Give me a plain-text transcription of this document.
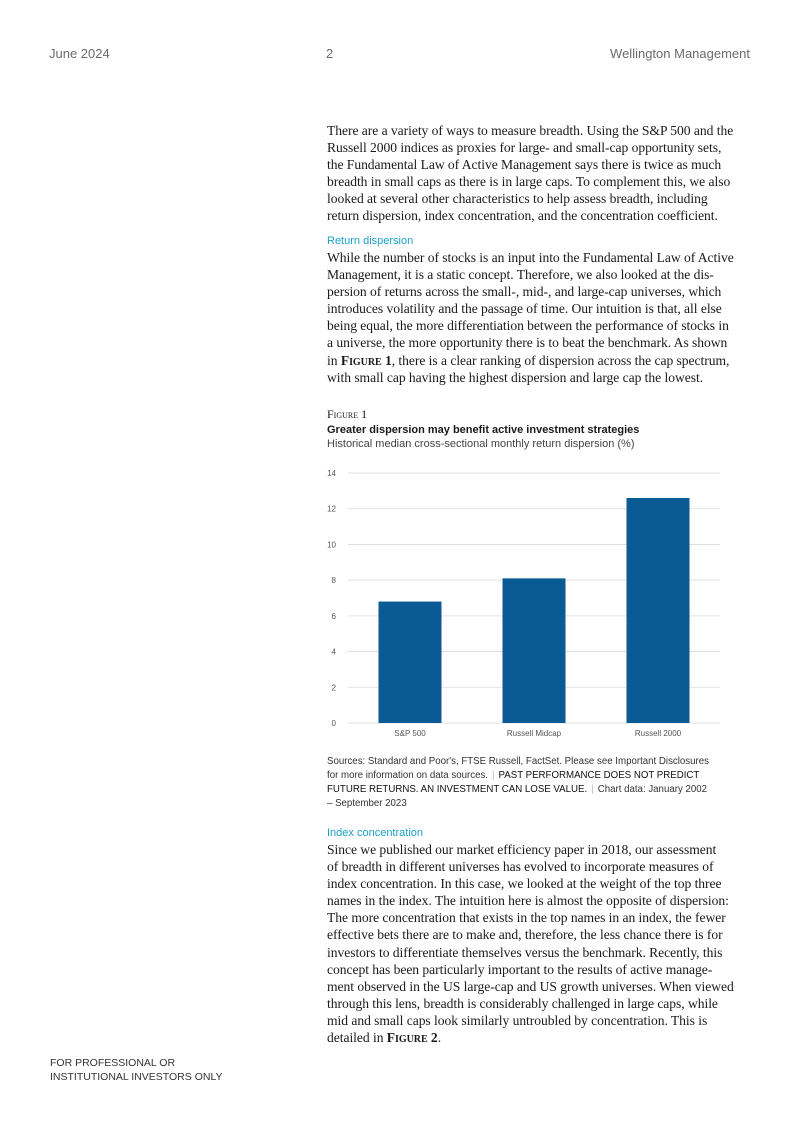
June 2024	2	Wellington Management

There are a variety of ways to measure breadth. Using the S&P 500 and the
Russell 2000 indices as proxies for large- and small-cap opportunity sets,
the Fundamental Law of Active Management says there is twice as much
breadth in small caps as there is in large caps. To complement this, we also
looked at several other characteristics to help assess breadth, including
return dispersion, index concentration, and the concentration coefficient.

Return dispersion

While the number of stocks is an input into the Fundamental Law of Active
Management, it is a static concept. Therefore, we also looked at the dis-
persion of returns across the small-, mid-, and large-cap universes, which
introduces volatility and the passage of time. Our intuition is that, all else
being equal, the more differentiation between the performance of stocks in
a universe, the more opportunity there is to beat the benchmark. As shown
in Figure 1, there is a clear ranking of dispersion across the cap spectrum,
with small cap having the highest dispersion and large cap the lowest.

Figure 1
Greater dispersion may benefit active investment strategies
Historical median cross-sectional monthly return dispersion (%)
0
2
4
6
8
10
12
14
S&P 500	Russell Midcap	Russell 2000
Sources: Standard and Poor's, FTSE Russell, FactSet. Please see Important Disclosures
for more information on data sources. | PAST PERFORMANCE DOES NOT PREDICT
FUTURE RETURNS. AN INVESTMENT CAN LOSE VALUE. | Chart data: January 2002
– September 2023

Index concentration

Since we published our market efficiency paper in 2018, our assessment
of breadth in different universes has evolved to incorporate measures of
index concentration. In this case, we looked at the weight of the top three
names in the index. The intuition here is almost the opposite of dispersion:
The more concentration that exists in the top names in an index, the fewer
effective bets there are to make and, therefore, the less chance there is for
investors to differentiate themselves versus the benchmark. Recently, this
concept has been particularly important to the results of active manage-
ment observed in the US large-cap and US growth universes. When viewed
through this lens, breadth is considerably challenged in large caps, while
mid and small caps look similarly untroubled by concentration. This is
detailed in Figure 2.

FOR PROFESSIONAL OR
INSTITUTIONAL INVESTORS ONLY
